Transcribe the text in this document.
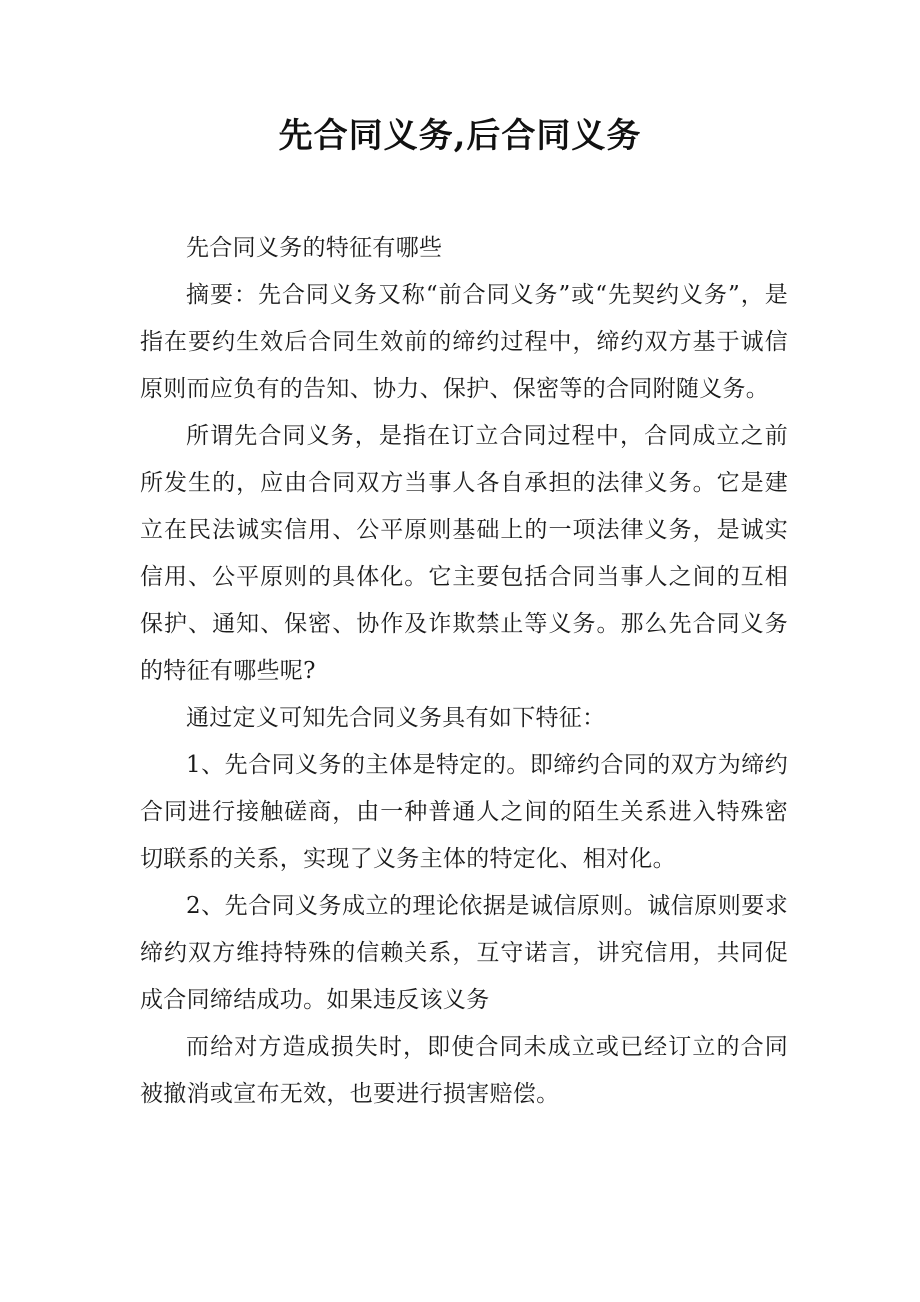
先合同义务,后合同义务

先合同义务的特征有哪些

摘要：先合同义务又称“前合同义务”或“先契约义务”，是指在要约生效后合同生效前的缔约过程中，缔约双方基于诚信原则而应负有的告知、协力、保护、保密等的合同附随义务。

所谓先合同义务，是指在订立合同过程中，合同成立之前所发生的，应由合同双方当事人各自承担的法律义务。它是建立在民法诚实信用、公平原则基础上的一项法律义务，是诚实信用、公平原则的具体化。它主要包括合同当事人之间的互相保护、通知、保密、协作及诈欺禁止等义务。那么先合同义务的特征有哪些呢?

通过定义可知先合同义务具有如下特征：

1、先合同义务的主体是特定的。即缔约合同的双方为缔约合同进行接触磋商，由一种普通人之间的陌生关系进入特殊密切联系的关系，实现了义务主体的特定化、相对化。

2、先合同义务成立的理论依据是诚信原则。诚信原则要求缔约双方维持特殊的信赖关系，互守诺言，讲究信用，共同促成合同缔结成功。如果违反该义务

而给对方造成损失时，即使合同未成立或已经订立的合同被撤消或宣布无效，也要进行损害赔偿。
